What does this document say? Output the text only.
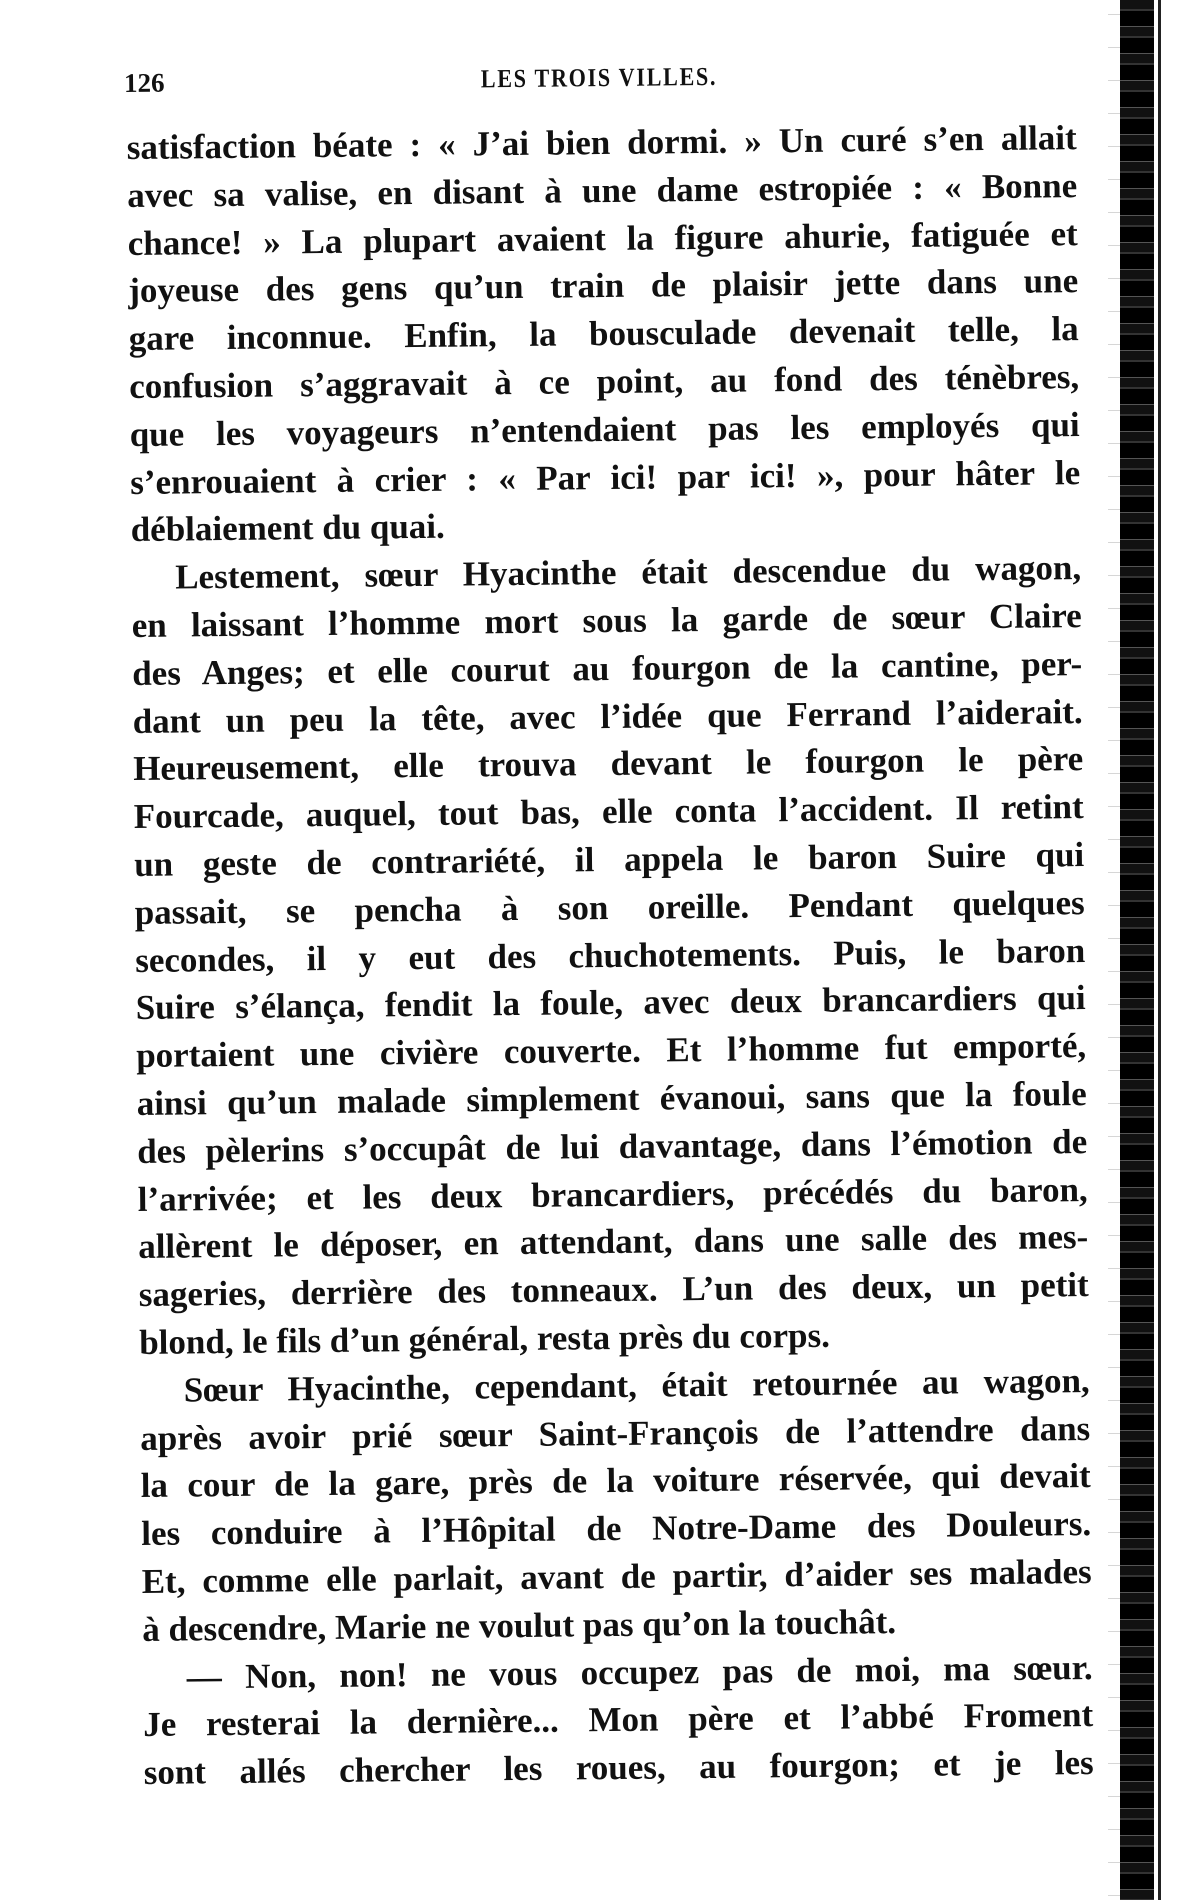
126	LES TROIS VILLES.
satisfaction béate : « J’ai bien dormi. » Un curé s’en allait
avec sa valise, en disant à une dame estropiée : « Bonne
chance! » La plupart avaient la figure ahurie, fatiguée et
joyeuse des gens qu’un train de plaisir jette dans une
gare inconnue. Enfin, la bousculade devenait telle, la
confusion s’aggravait à ce point, au fond des ténèbres,
que les voyageurs n’entendaient pas les employés qui
s’enrouaient à crier : « Par ici! par ici! », pour hâter le
déblaiement du quai.
Lestement, sœur Hyacinthe était descendue du wagon,
en laissant l’homme mort sous la garde de sœur Claire
des Anges; et elle courut au fourgon de la cantine, per-
dant un peu la tête, avec l’idée que Ferrand l’aiderait.
Heureusement, elle trouva devant le fourgon le père
Fourcade, auquel, tout bas, elle conta l’accident. Il retint
un geste de contrariété, il appela le baron Suire qui
passait, se pencha à son oreille. Pendant quelques
secondes, il y eut des chuchotements. Puis, le baron
Suire s’élança, fendit la foule, avec deux brancardiers qui
portaient une civière couverte. Et l’homme fut emporté,
ainsi qu’un malade simplement évanoui, sans que la foule
des pèlerins s’occupât de lui davantage, dans l’émotion de
l’arrivée; et les deux brancardiers, précédés du baron,
allèrent le déposer, en attendant, dans une salle des mes-
sageries, derrière des tonneaux. L’un des deux, un petit
blond, le fils d’un général, resta près du corps.
Sœur Hyacinthe, cependant, était retournée au wagon,
après avoir prié sœur Saint-François de l’attendre dans
la cour de la gare, près de la voiture réservée, qui devait
les conduire à l’Hôpital de Notre-Dame des Douleurs.
Et, comme elle parlait, avant de partir, d’aider ses malades
à descendre, Marie ne voulut pas qu’on la touchât.
— Non, non! ne vous occupez pas de moi, ma sœur.
Je resterai la dernière... Mon père et l’abbé Froment
sont allés chercher les roues, au fourgon; et je les
